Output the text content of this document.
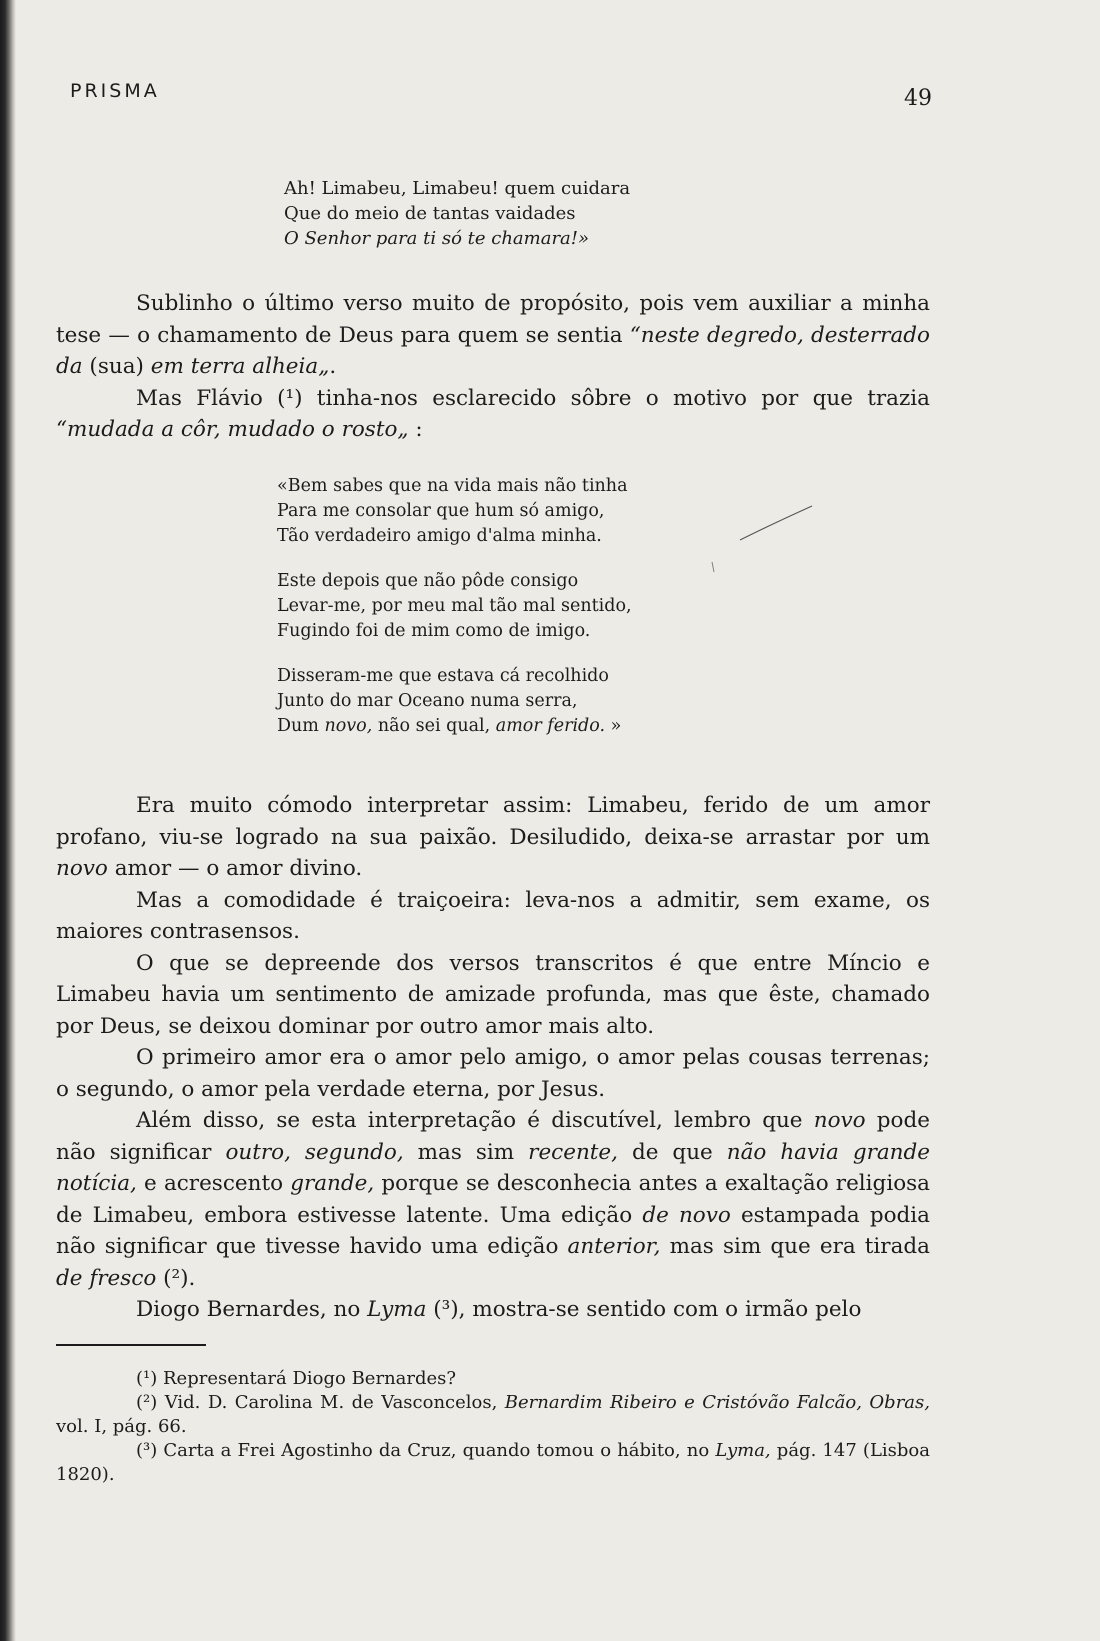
PRISMA	49

Ah! Limabeu, Limabeu! quem cuidara

Que do meio de tantas vaidades

O Senhor para ti só te chamara!»

Sublinho o último verso muito de propósito, pois vem auxiliar a minha tese — o chamamento de Deus para quem se sentia “neste degredo, desterrado da (sua) em terra alheia„.

Mas Flávio (¹) tinha-nos esclarecido sôbre o motivo por que trazia “mudada a côr, mudado o rosto„ :

«Bem sabes que na vida mais não tinha

Para me consolar que hum só amigo,

Tão verdadeiro amigo d'alma minha.

Este depois que não pôde consigo

Levar-me, por meu mal tão mal sentido,

Fugindo foi de mim como de imigo.

Disseram-me que estava cá recolhido

Junto do mar Oceano numa serra,

Dum novo, não sei qual, amor ferido. »

Era muito cómodo interpretar assim: Limabeu, ferido de um amor profano, viu-se logrado na sua paixão. Desiludido, deixa-se arrastar por um novo amor — o amor divino.

Mas a comodidade é traiçoeira: leva-nos a admitir, sem exame, os maiores contrasensos.

O que se depreende dos versos transcritos é que entre Míncio e Limabeu havia um sentimento de amizade profunda, mas que êste, chamado por Deus, se deixou dominar por outro amor mais alto.

O primeiro amor era o amor pelo amigo, o amor pelas cousas terrenas; o segundo, o amor pela verdade eterna, por Jesus.

Além disso, se esta interpretação é discutível, lembro que novo pode não significar outro, segundo, mas sim recente, de que não havia grande notícia, e acrescento grande, porque se desconhecia antes a exaltação religiosa de Limabeu, embora estivesse latente. Uma edição de novo estampada podia não significar que tivesse havido uma edição anterior, mas sim que era tirada de fresco (²).

Diogo Bernardes, no Lyma (³), mostra-se sentido com o irmão pelo

(¹) Representará Diogo Bernardes?

(²) Vid. D. Carolina M. de Vasconcelos, Bernardim Ribeiro e Cristóvão Falcão, Obras, vol. I, pág. 66.

(³) Carta a Frei Agostinho da Cruz, quando tomou o hábito, no Lyma, pág. 147 (Lisboa 1820).
